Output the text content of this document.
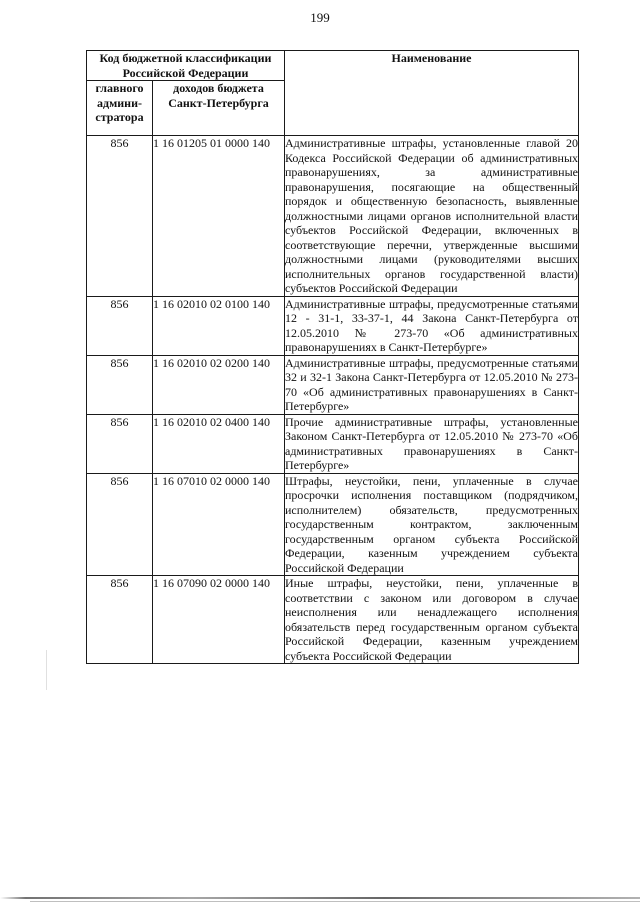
199
Код бюджетной классификации Российской Федерации		Наименование
главного админи-стратора	доходов бюджета Санкт-Петербурга	
856	1 16 01205 01 0000 140	Административные штрафы, установленные главой 20 Кодекса Российской Федерации об административных правонарушениях, за административные правонарушения, посягающие на общественный порядок и общественную безопасность, выявленные должностными лицами органов исполнительной власти субъектов Российской Федерации, включенных в соответствующие перечни, утвержденные высшими должностными лицами (руководителями высших исполнительных органов государственной власти) субъектов Российской Федерации
856	1 16 02010 02 0100 140	Административные штрафы, предусмотренные статьями 12 - 31-1, 33-37-1, 44 Закона Санкт-Петербурга от 12.05.2010 № 273-70 «Об административных правонарушениях в Санкт-Петербурге»
856	1 16 02010 02 0200 140	Административные штрафы, предусмотренные статьями 32 и 32-1 Закона Санкт-Петербурга от 12.05.2010 № 273-70 «Об административных правонарушениях в Санкт-Петербурге»
856	1 16 02010 02 0400 140	Прочие административные штрафы, установленные Законом Санкт-Петербурга от 12.05.2010 № 273-70 «Об административных правонарушениях в Санкт-Петербурге»
856	1 16 07010 02 0000 140	Штрафы, неустойки, пени, уплаченные в случае просрочки исполнения поставщиком (подрядчиком, исполнителем) обязательств, предусмотренных государственным контрактом, заключенным государственным органом субъекта Российской Федерации, казенным учреждением субъекта Российской Федерации
856	1 16 07090 02 0000 140	Иные штрафы, неустойки, пени, уплаченные в соответствии с законом или договором в случае неисполнения или ненадлежащего исполнения обязательств перед государственным органом субъекта Российской Федерации, казенным учреждением субъекта Российской Федерации
